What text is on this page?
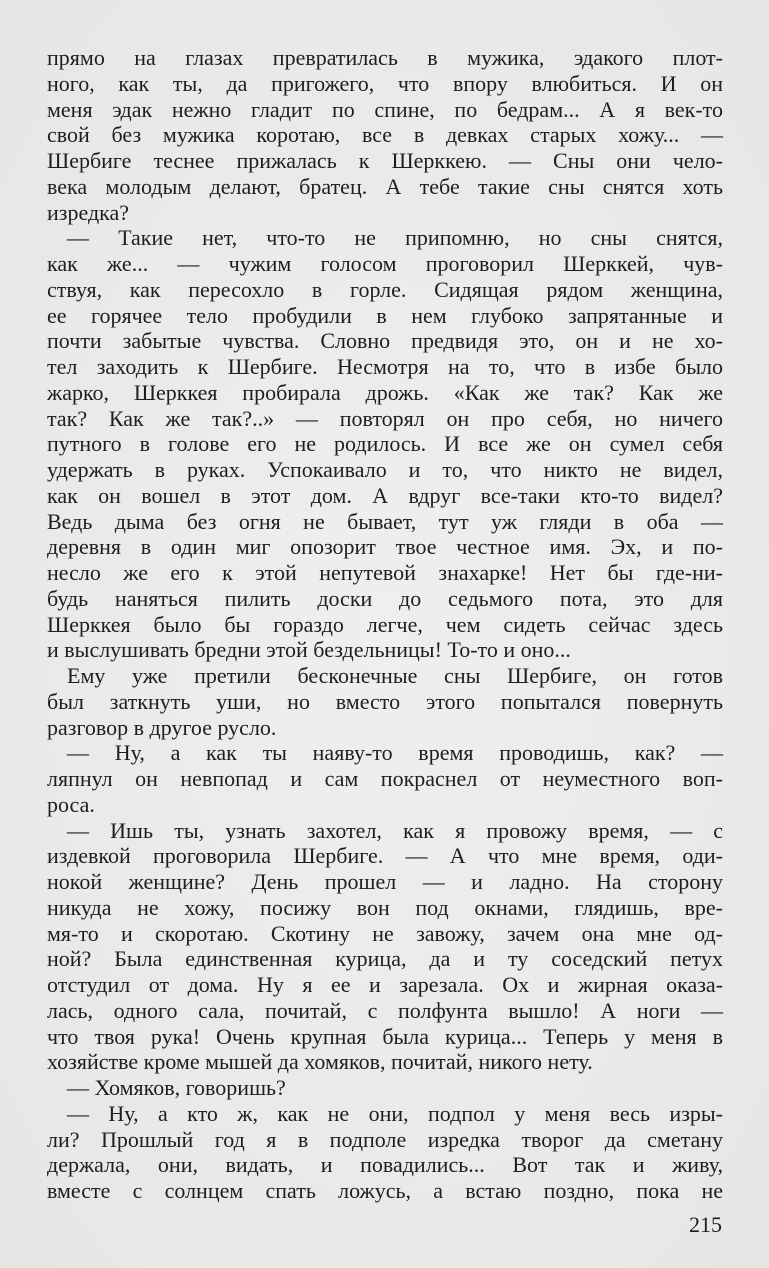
прямо на глазах превратилась в мужика, эдакого плот-
ного, как ты, да пригожего, что впору влюбиться. И он
меня эдак нежно гладит по спине, по бедрам... А я век-то
свой без мужика коротаю, все в девках старых хожу... —
Шербиге теснее прижалась к Шерккею. — Сны они чело-
века молодым делают, братец. А тебе такие сны снятся хоть
изредка?
— Такие нет, что-то не припомню, но сны снятся,
как же... — чужим голосом проговорил Шерккей, чув-
ствуя, как пересохло в горле. Сидящая рядом женщина,
ее горячее тело пробудили в нем глубоко запрятанные и
почти забытые чувства. Словно предвидя это, он и не хо-
тел заходить к Шербиге. Несмотря на то, что в избе было
жарко, Шерккея пробирала дрожь. «Как же так? Как же
так? Как же так?..» — повторял он про себя, но ничего
путного в голове его не родилось. И все же он сумел себя
удержать в руках. Успокаивало и то, что никто не видел,
как он вошел в этот дом. А вдруг все-таки кто-то видел?
Ведь дыма без огня не бывает, тут уж гляди в оба —
деревня в один миг опозорит твое честное имя. Эх, и по-
несло же его к этой непутевой знахарке! Нет бы где-ни-
будь наняться пилить доски до седьмого пота, это для
Шерккея было бы гораздо легче, чем сидеть сейчас здесь
и выслушивать бредни этой бездельницы! То-то и оно...
Ему уже претили бесконечные сны Шербиге, он готов
был заткнуть уши, но вместо этого попытался повернуть
разговор в другое русло.
— Ну, а как ты наяву-то время проводишь, как? —
ляпнул он невпопад и сам покраснел от неуместного воп-
роса.
— Ишь ты, узнать захотел, как я провожу время, — с
издевкой проговорила Шербиге. — А что мне время, оди-
нокой женщине? День прошел — и ладно. На сторону
никуда не хожу, посижу вон под окнами, глядишь, вре-
мя-то и скоротаю. Скотину не завожу, зачем она мне од-
ной? Была единственная курица, да и ту соседский петух
отстудил от дома. Ну я ее и зарезала. Ох и жирная оказа-
лась, одного сала, почитай, с полфунта вышло! А ноги —
что твоя рука! Очень крупная была курица... Теперь у меня в
хозяйстве кроме мышей да хомяков, почитай, никого нету.
— Хомяков, говоришь?
— Ну, а кто ж, как не они, подпол у меня весь изры-
ли? Прошлый год я в подполе изредка творог да сметану
держала, они, видать, и повадились... Вот так и живу,
вместе с солнцем спать ложусь, а встаю поздно, пока не
215
